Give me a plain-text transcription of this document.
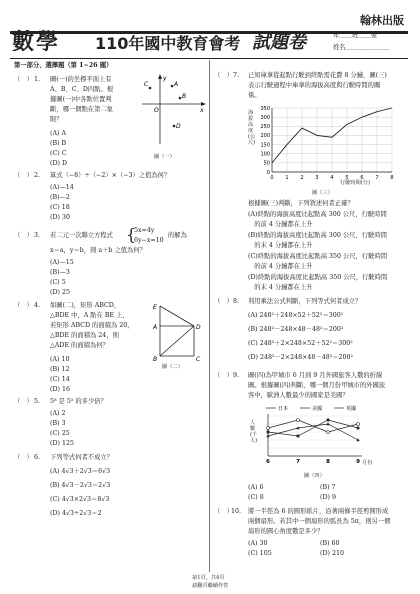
翰林出版
數學 110年國中教育會考 試題卷	年＿＿班＿＿號
姓名＿＿＿＿＿＿＿
第一部分、選擇題（第 1~26 題）
（　） 1. 圖(一)的坐標平面上有
A、B、C、D四點。根
據圖(一)中各點位置判
斷，哪一個點在第二象
限？
(A) A
(B) B
(C) C
(D) D
y
x
O
A
B
C
D
圖（一）
（　） 2. 算式（−8）÷（−2）×（−3）之值為何？
(A)—14
(B)—2
(C) 18
(D) 30
（　） 3. 若二元一次聯立方程式 {
5x=4y
6y−x=10
的解為
x＝a，y＝b，則 a＋b 之值為何？
(A)—15
(B)—3
(C) 5
(D) 25
（　） 4. 如圖(二)，矩形 ABCD，
△BDE 中，A 點在 BE 上，
若矩形 ABCD 的面積為 20，
△BDE 的面積為 24，則
△ADE 的面積為何？
(A) 10
(B) 12
(C) 14
(D) 16
E
A	D
B	C
圖（二）
（　） 5. 5⁸ 是 5⁵ 的多少倍？
(A) 2
(B) 3
(C) 25
(D) 125
（　） 6. 下列等式何者不成立？
(A) 4√3＋2√3＝6√3
(B) 4√3－2√3＝2√3
(C) 4√3×2√3＝8√3
(D) 4√3÷2√3＝2
（　） 7. 已知庫拿從起點行駛到終點需花費 8 分鐘，圖(三)
表示行駛過程中庫拿的海拔高度與行駛時間的關
係。
0
50
100
150
200
250
300
350
0 1 2 3 4 5 6 7 8
行駛時間(分)
海拔高度(公尺)
圖（三）
根據圖(三)判斷，下列敘述何者正確？
(A)終點的海拔高度比起點高 300 公尺，行駛時間
　的前 4 分鐘都在上升
(B)終點的海拔高度比起點高 300 公尺，行駛時間
　的末 4 分鐘都在上升
(C)終點的海拔高度比起點高 350 公尺，行駛時間
　的前 4 分鐘都在上升
(D)終點的海拔高度比起點高 350 公尺，行駛時間
　的末 4 分鐘都在上升
（　） 8. 利用乘法公式判斷，下列等式何者成立？
(A) 248²＋248×52＋52²＝300²
(B) 248²－248×48－48²＝200²
(C) 248²＋2×248×52＋52²＝300²
(D) 248²－2×248×48－48²＝200²
（　） 9. 圖(四)為甲城市 6 月到 9 月外國旅客人數的折線
圖。根據圖(四)判斷，哪一個月份甲城市的外國旅
客中，歐洲人數最少的國家是美國？
日本	美國	英國
6	7	8	9
人數(千人)
月份
圖（四）
(A) 6	(B) 7
(C) 8	(D) 9
（　）
10. 將一半徑為 6 的圓形紙片，沿著兩條半徑剪開形成
兩個扇形。若其中一個扇形的弧長為 5π，則另一個
扇形的圓心角度數是多少？
(A) 30	(B) 60
(C) 105	(D) 210
第1頁，共4頁
請翻頁繼續作答
